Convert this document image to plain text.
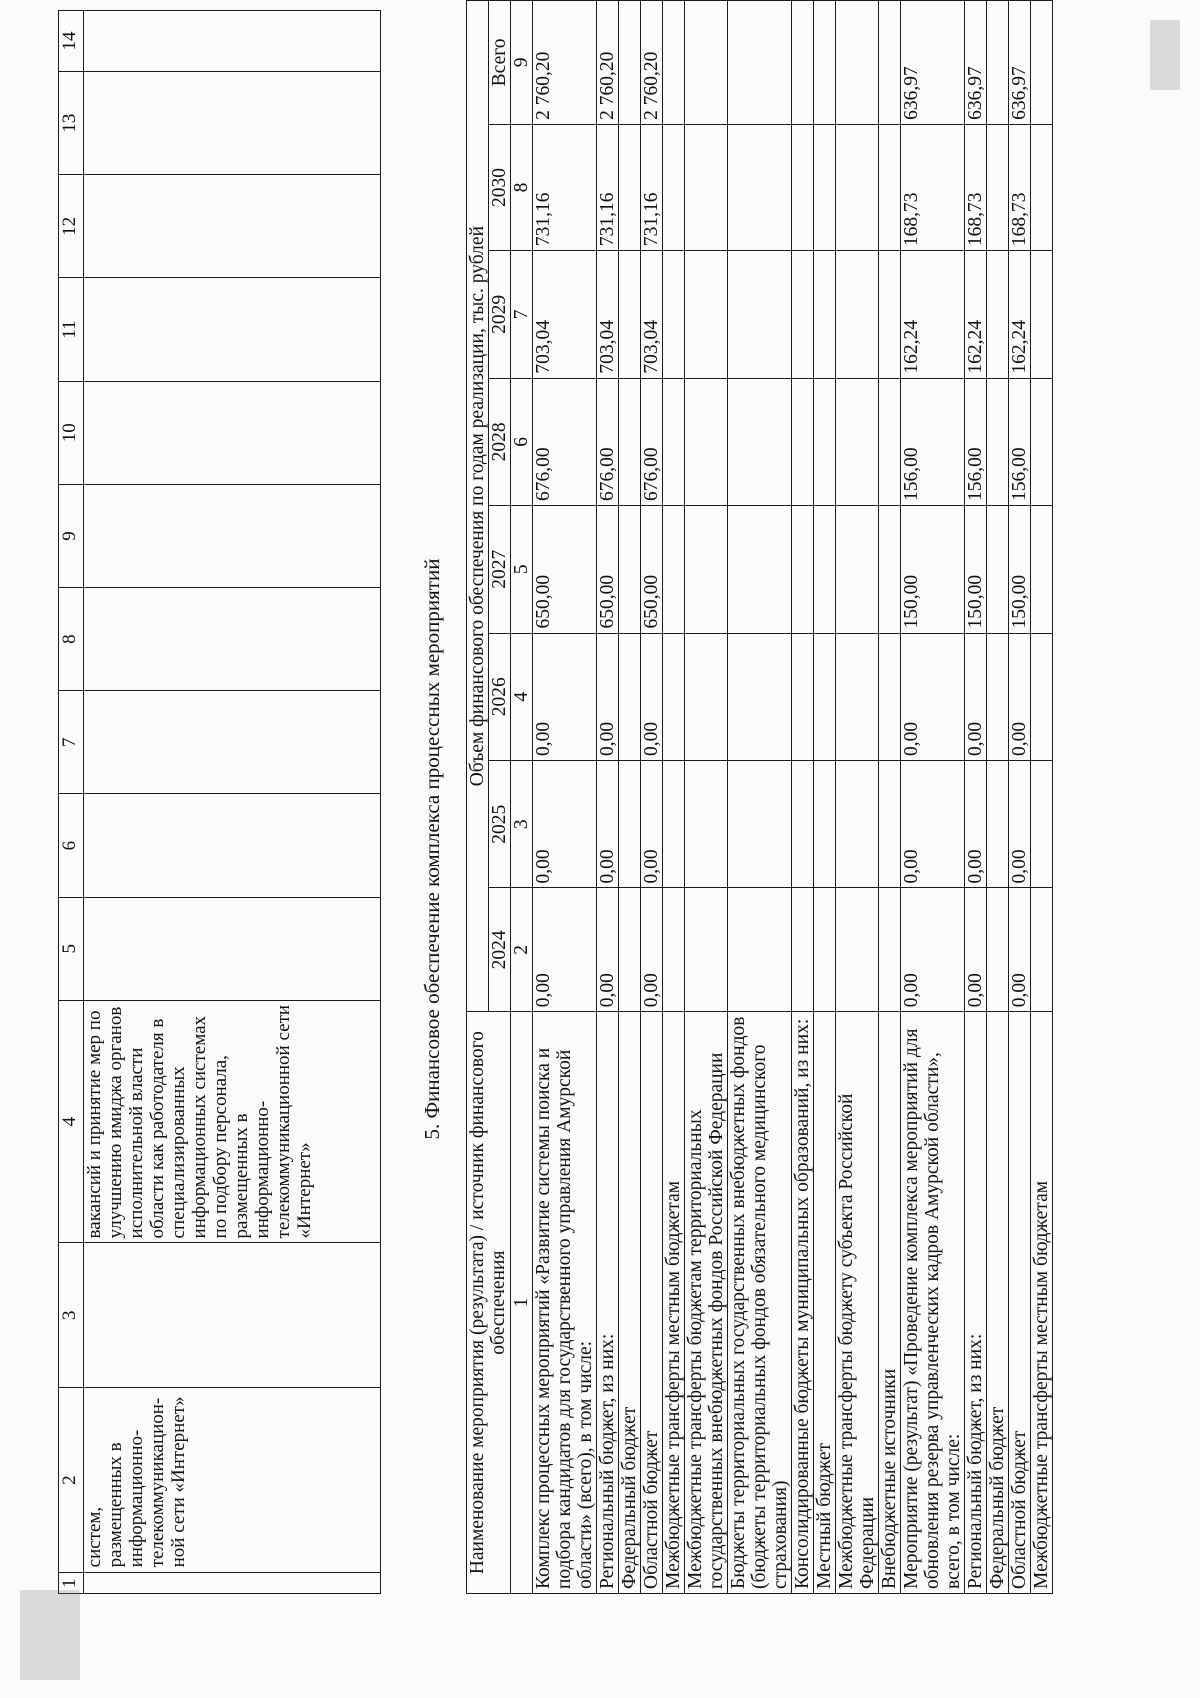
1	2	3	4	5	6	7	8	9	10	11	12	13	14
	систем, размещенных в информационно-телекоммуникацион-ной сети «Интернет»		вакансий и принятие мер по улучшению имиджа органов исполнительной власти области как работодателя в специализированных информационных системах по подбору персонала, размещенных в информационно-телекоммуникационной сети «Интернет»										
5. Финансовое обеспечение комплекса процессных мероприятий
Наименование мероприятия (результата) / источник финансового обеспечения	Объем финансового обеспечения по годам реализации, тыс. рублей							
	2024	2025	2026	2027	2028	2029	2030	Всего
1	2	3	4	5	6	7	8	9
Комплекс процессных мероприятий «Развитие системы поиска и подбора кандидатов для государственного управления Амурской области» (всего), в том числе:	0,00	0,00	0,00	650,00	676,00	703,04	731,16	2 760,20
Региональный бюджет, из них:	0,00	0,00	0,00	650,00	676,00	703,04	731,16	2 760,20
Федеральный бюджет								
Областной бюджет	0,00	0,00	0,00	650,00	676,00	703,04	731,16	2 760,20
Межбюджетные трансферты местным бюджетам								
Межбюджетные трансферты бюджетам территориальных государственных внебюджетных фондов Российской Федерации								
Бюджеты территориальных государственных внебюджетных фондов (бюджеты территориальных фондов обязательного медицинского страхования)								
Консолидированные бюджеты муниципальных образований, из них:								
Местный бюджет								
Межбюджетные трансферты бюджету субъекта Российской Федерации								
Внебюджетные источники								
Мероприятие (результат) «Проведение комплекса мероприятий для обновления резерва управленческих кадров Амурской области», всего, в том числе:	0,00	0,00	0,00	150,00	156,00	162,24	168,73	636,97
Региональный бюджет, из них:	0,00	0,00	0,00	150,00	156,00	162,24	168,73	636,97
Федеральный бюджет								
Областной бюджет	0,00	0,00	0,00	150,00	156,00	162,24	168,73	636,97
Межбюджетные трансферты местным бюджетам								
